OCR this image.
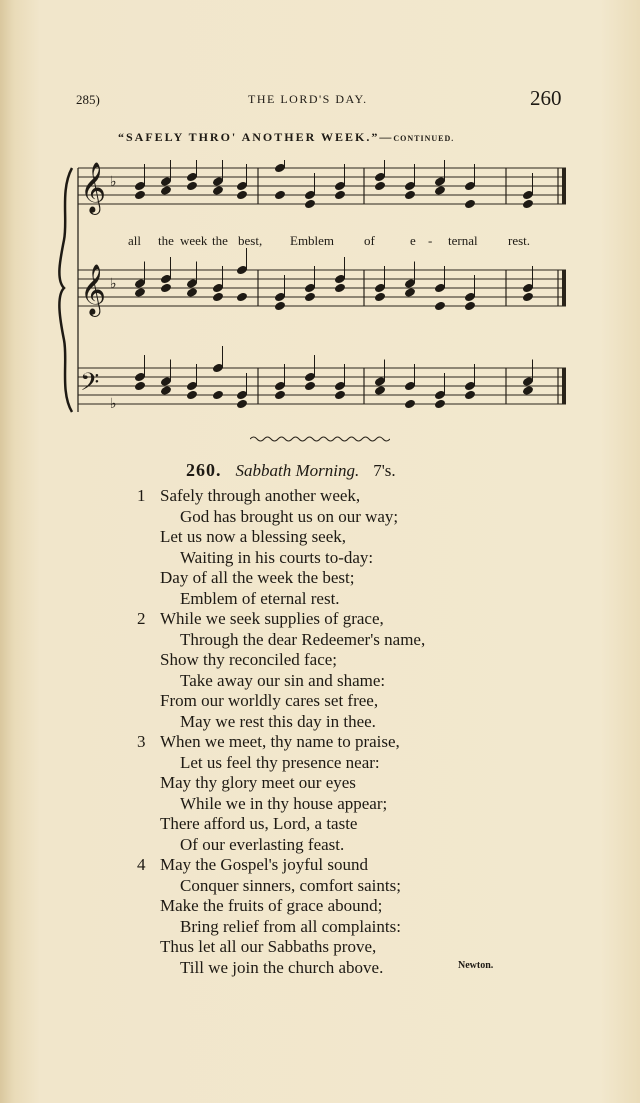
285)	THE LORD'S DAY.	260
“SAFELY THRO' ANOTHER WEEK.”—CONTINUED.
𝄞 ♭
𝄞 ♭
𝄢
♭
all the week the best, Emblem of	e - ternal rest.
260. Sabbath Morning. 7's.
1 Safely through another week,
God has brought us on our way;
Let us now a blessing seek,
Waiting in his courts to-day:
Day of all the week the best;
Emblem of eternal rest.
2 While we seek supplies of grace,
Through the dear Redeemer's name,
Show thy reconciled face;
Take away our sin and shame:
From our worldly cares set free,
May we rest this day in thee.
3 When we meet, thy name to praise,
Let us feel thy presence near:
May thy glory meet our eyes
While we in thy house appear;
There afford us, Lord, a taste
Of our everlasting feast.
4 May the Gospel's joyful sound
Conquer sinners, comfort saints;
Make the fruits of grace abound;
Bring relief from all complaints:
Thus let all our Sabbaths prove,
Till we join the church above.	Newton.
